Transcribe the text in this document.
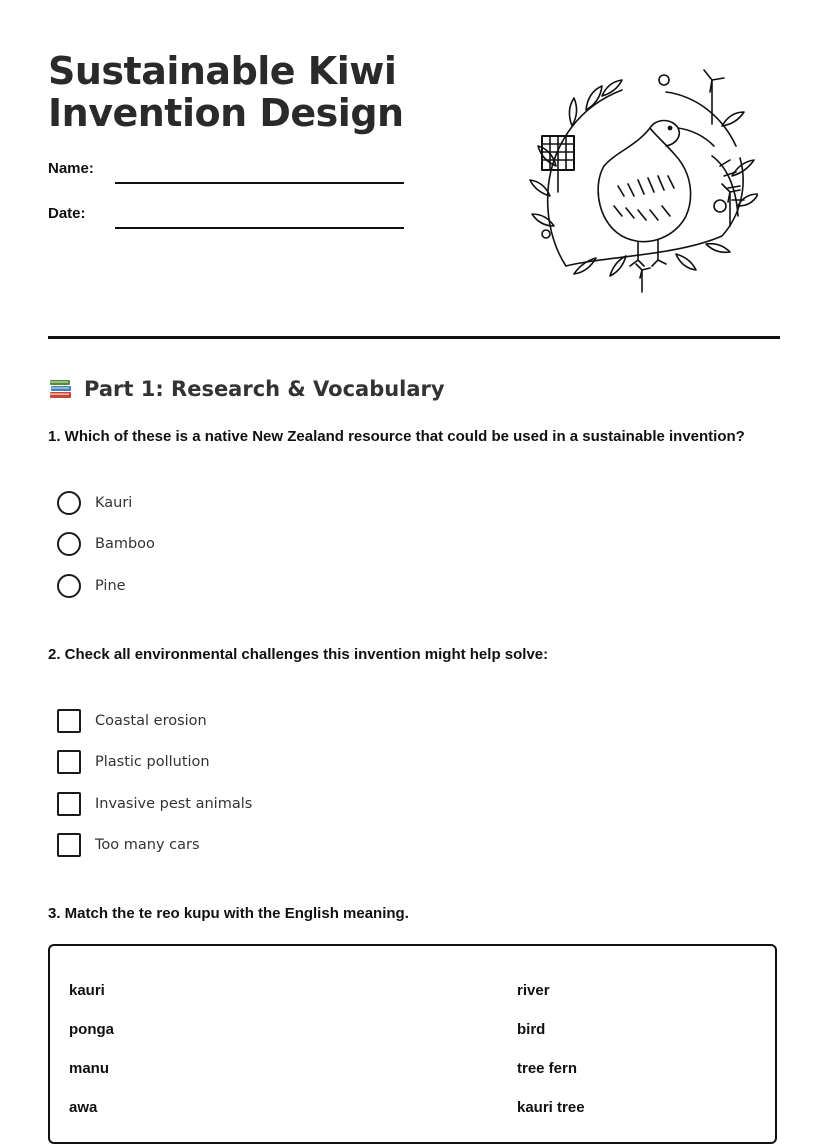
Sustainable Kiwi Invention Design
Name:
Date:
Part 1: Research & Vocabulary

1. Which of these is a native New Zealand resource that could be used in a sustainable invention?

Kauri
Bamboo
Pine

2. Check all environmental challenges this invention might help solve:

Coastal erosion
Plastic pollution
Invasive pest animals
Too many cars

3. Match the te reo kupu with the English meaning.

kauri
ponga
manu
awa
river
bird
tree fern
kauri tree
